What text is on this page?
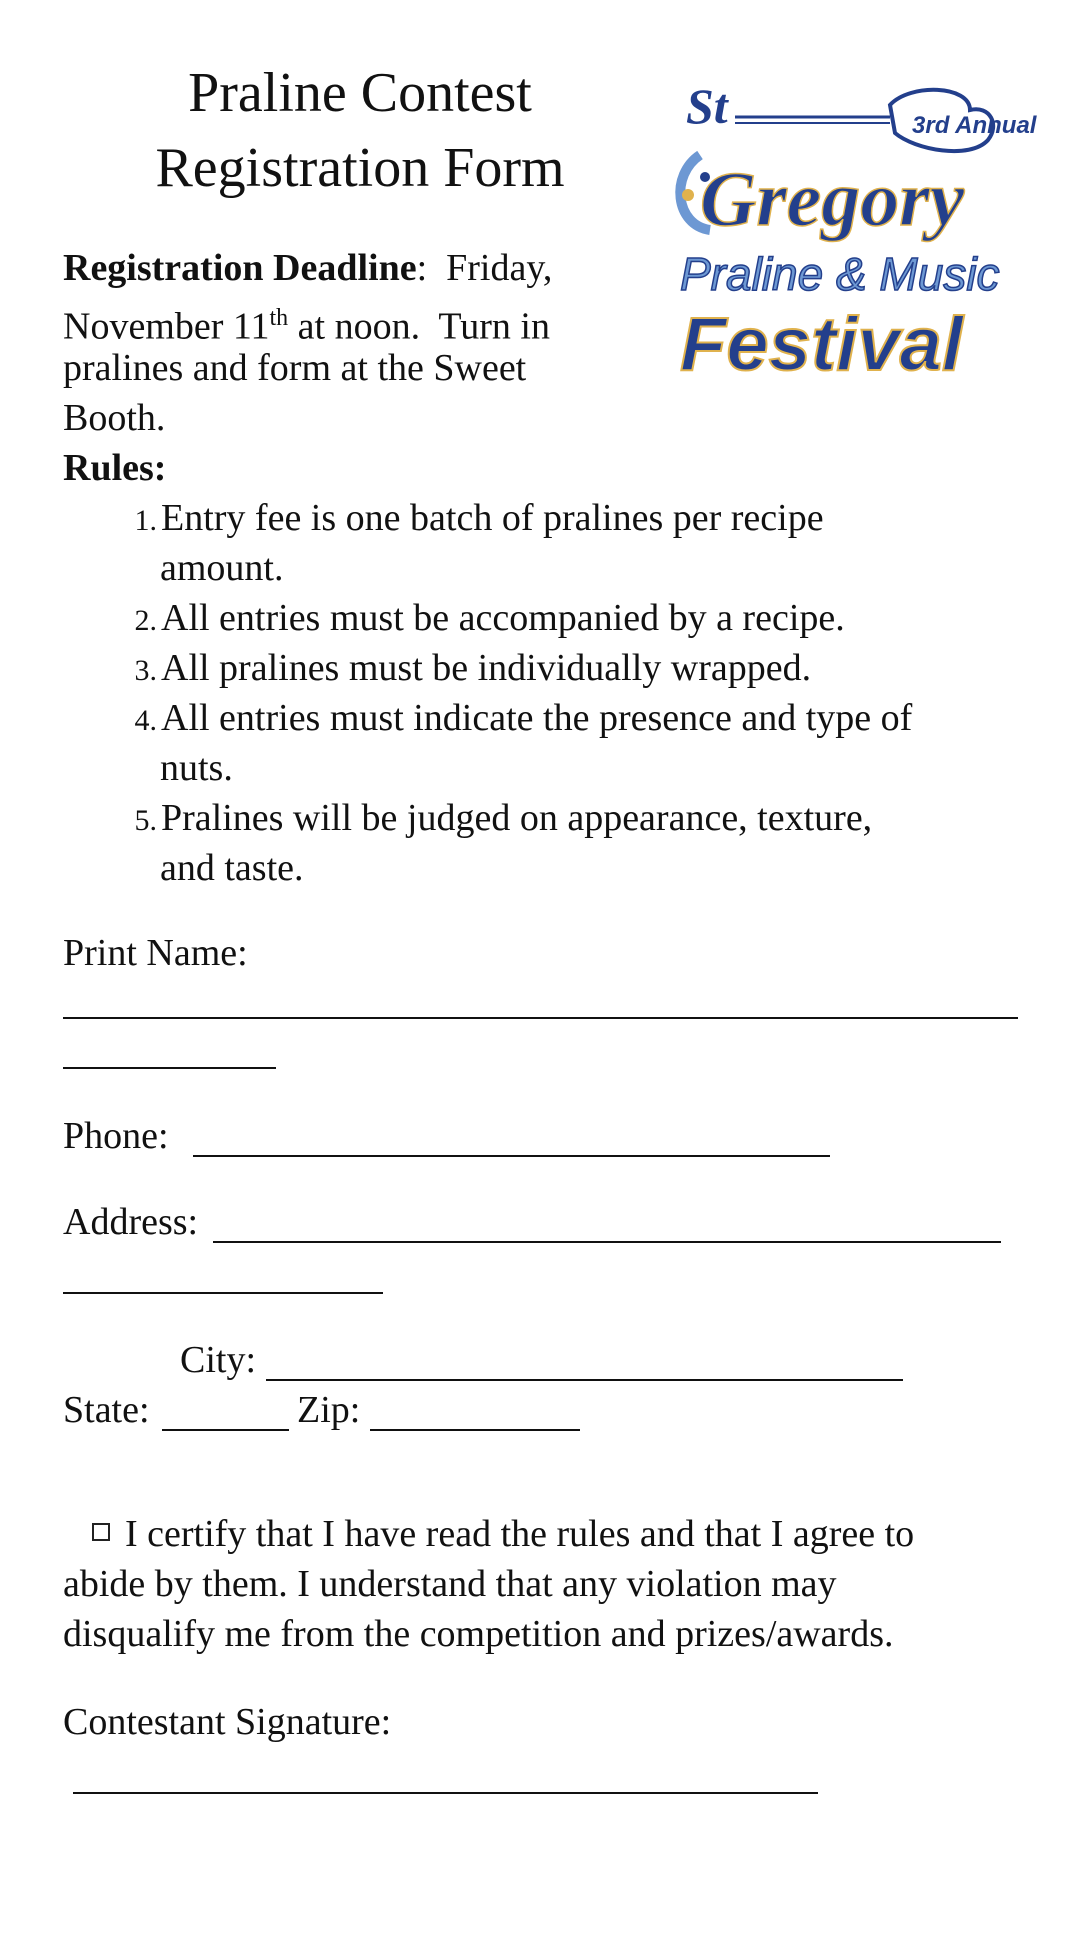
Praline Contest
Registration Form
3rd Annual
St
Gregory
Praline & Music
Festival
Registration Deadline:  Friday,
November 11th at noon.  Turn in
pralines and form at the Sweet
Booth.
Rules:
1. Entry fee is one batch of pralines per recipe
amount.
2. All entries must be accompanied by a recipe.
3. All pralines must be individually wrapped.
4. All entries must indicate the presence and type of
nuts.
5. Pralines will be judged on appearance, texture,
and taste.
Print Name:
Phone:
Address:
City:
State:	Zip:
I certify that I have read the rules and that I agree to
abide by them. I understand that any violation may
disqualify me from the competition and prizes/awards.
Contestant Signature:
